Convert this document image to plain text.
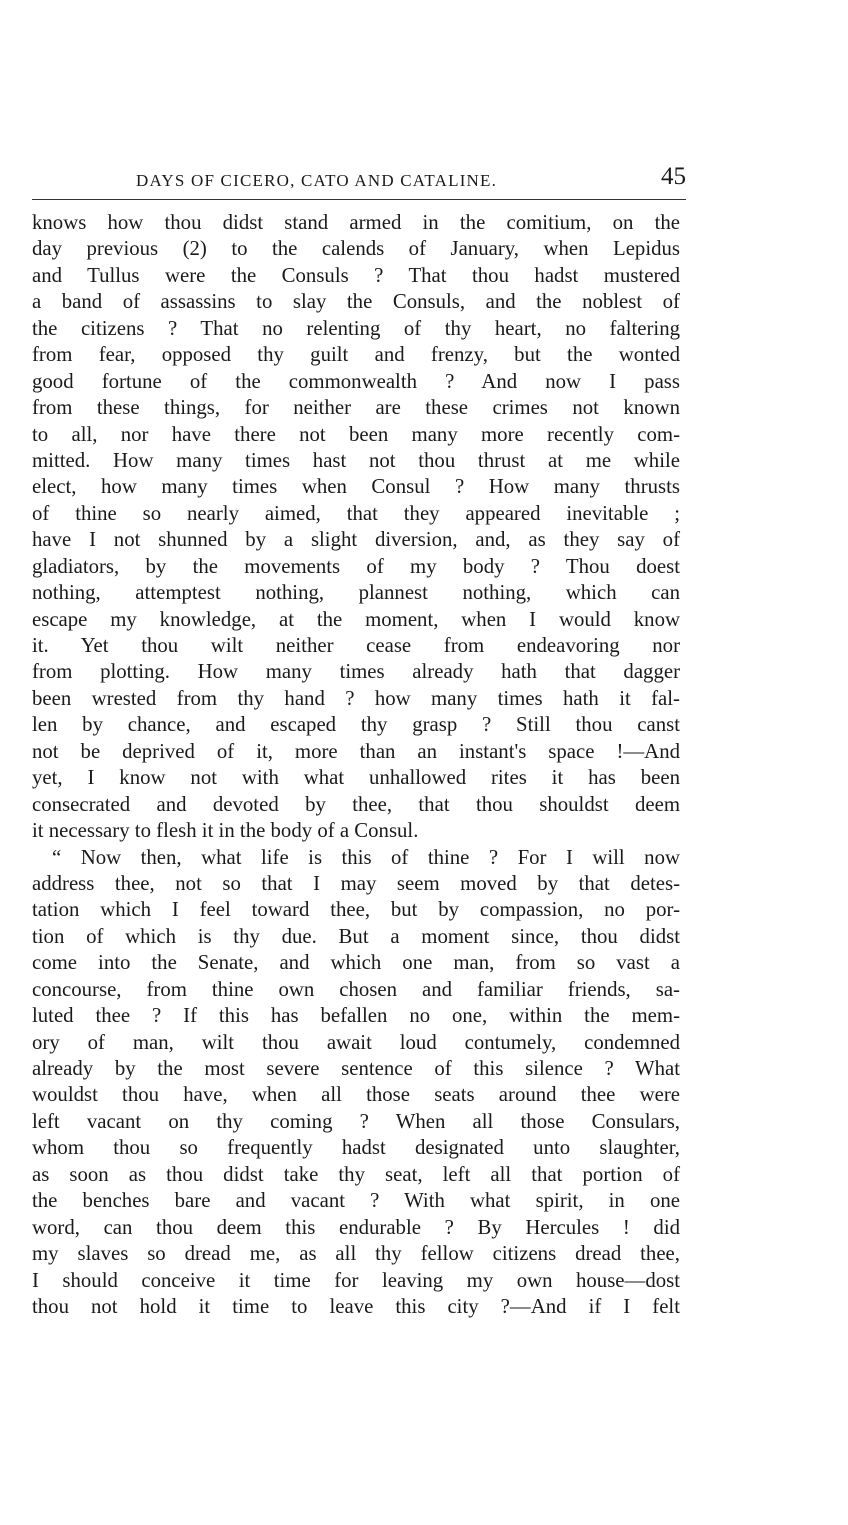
DAYS OF CICERO, CATO AND CATALINE.	45
knows how thou didst stand armed in the comitium, on the
day previous (2) to the calends of January, when Lepidus
and Tullus were the Consuls ? That thou hadst mustered
a band of assassins to slay the Consuls, and the noblest of
the citizens ? That no relenting of thy heart, no faltering
from fear, opposed thy guilt and frenzy, but the wonted
good fortune of the commonwealth ? And now I pass
from these things, for neither are these crimes not known
to all, nor have there not been many more recently com-
mitted. How many times hast not thou thrust at me while
elect, how many times when Consul ? How many thrusts
of thine so nearly aimed, that they appeared inevitable ;
have I not shunned by a slight diversion, and, as they say of
gladiators, by the movements of my body ? Thou doest
nothing, attemptest nothing, plannest nothing, which can
escape my knowledge, at the moment, when I would know
it. Yet thou wilt neither cease from endeavoring nor
from plotting. How many times already hath that dagger
been wrested from thy hand ? how many times hath it fal-
len by chance, and escaped thy grasp ? Still thou canst
not be deprived of it, more than an instant's space !—And
yet, I know not with what unhallowed rites it has been
consecrated and devoted by thee, that thou shouldst deem
it necessary to flesh it in the body of a Consul.
“ Now then, what life is this of thine ? For I will now
address thee, not so that I may seem moved by that detes-
tation which I feel toward thee, but by compassion, no por-
tion of which is thy due. But a moment since, thou didst
come into the Senate, and which one man, from so vast a
concourse, from thine own chosen and familiar friends, sa-
luted thee ? If this has befallen no one, within the mem-
ory of man, wilt thou await loud contumely, condemned
already by the most severe sentence of this silence ? What
wouldst thou have, when all those seats around thee were
left vacant on thy coming ? When all those Consulars,
whom thou so frequently hadst designated unto slaughter,
as soon as thou didst take thy seat, left all that portion of
the benches bare and vacant ? With what spirit, in one
word, can thou deem this endurable ? By Hercules ! did
my slaves so dread me, as all thy fellow citizens dread thee,
I should conceive it time for leaving my own house—dost
thou not hold it time to leave this city ?—And if I felt
